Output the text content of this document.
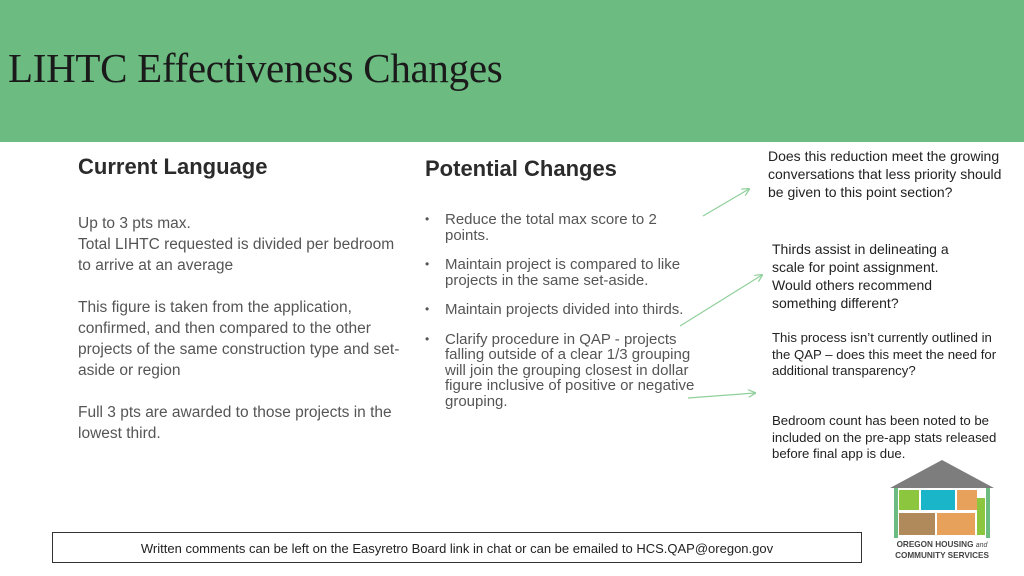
LIHTC Effectiveness Changes
Current Language

Up to 3 pts max.
Total LIHTC requested is divided per bedroom to arrive at an average

This figure is taken from the application, confirmed, and then compared to the other projects of the same construction type and set-aside or region

Full 3 pts are awarded to those projects in the lowest third.

Potential Changes
• Reduce the total max score to 2 points.
• Maintain project is compared to like projects in the same set-aside.
• Maintain projects divided into thirds.
• Clarify procedure in QAP - projects falling outside of a clear 1/3 grouping will join the grouping closest in dollar figure inclusive of positive or negative grouping.
Does this reduction meet the growing conversations that less priority should be given to this point section?
Thirds assist in delineating a scale for point assignment. Would others recommend something different?
This process isn’t currently outlined in the QAP – does this meet the need for additional transparency?
Bedroom count has been noted to be included on the pre-app stats released before final app is due.
Written comments can be left on the Easyretro Board link in chat or can be emailed to HCS.QAP@oregon.gov	OREGON HOUSING and
COMMUNITY SERVICES
